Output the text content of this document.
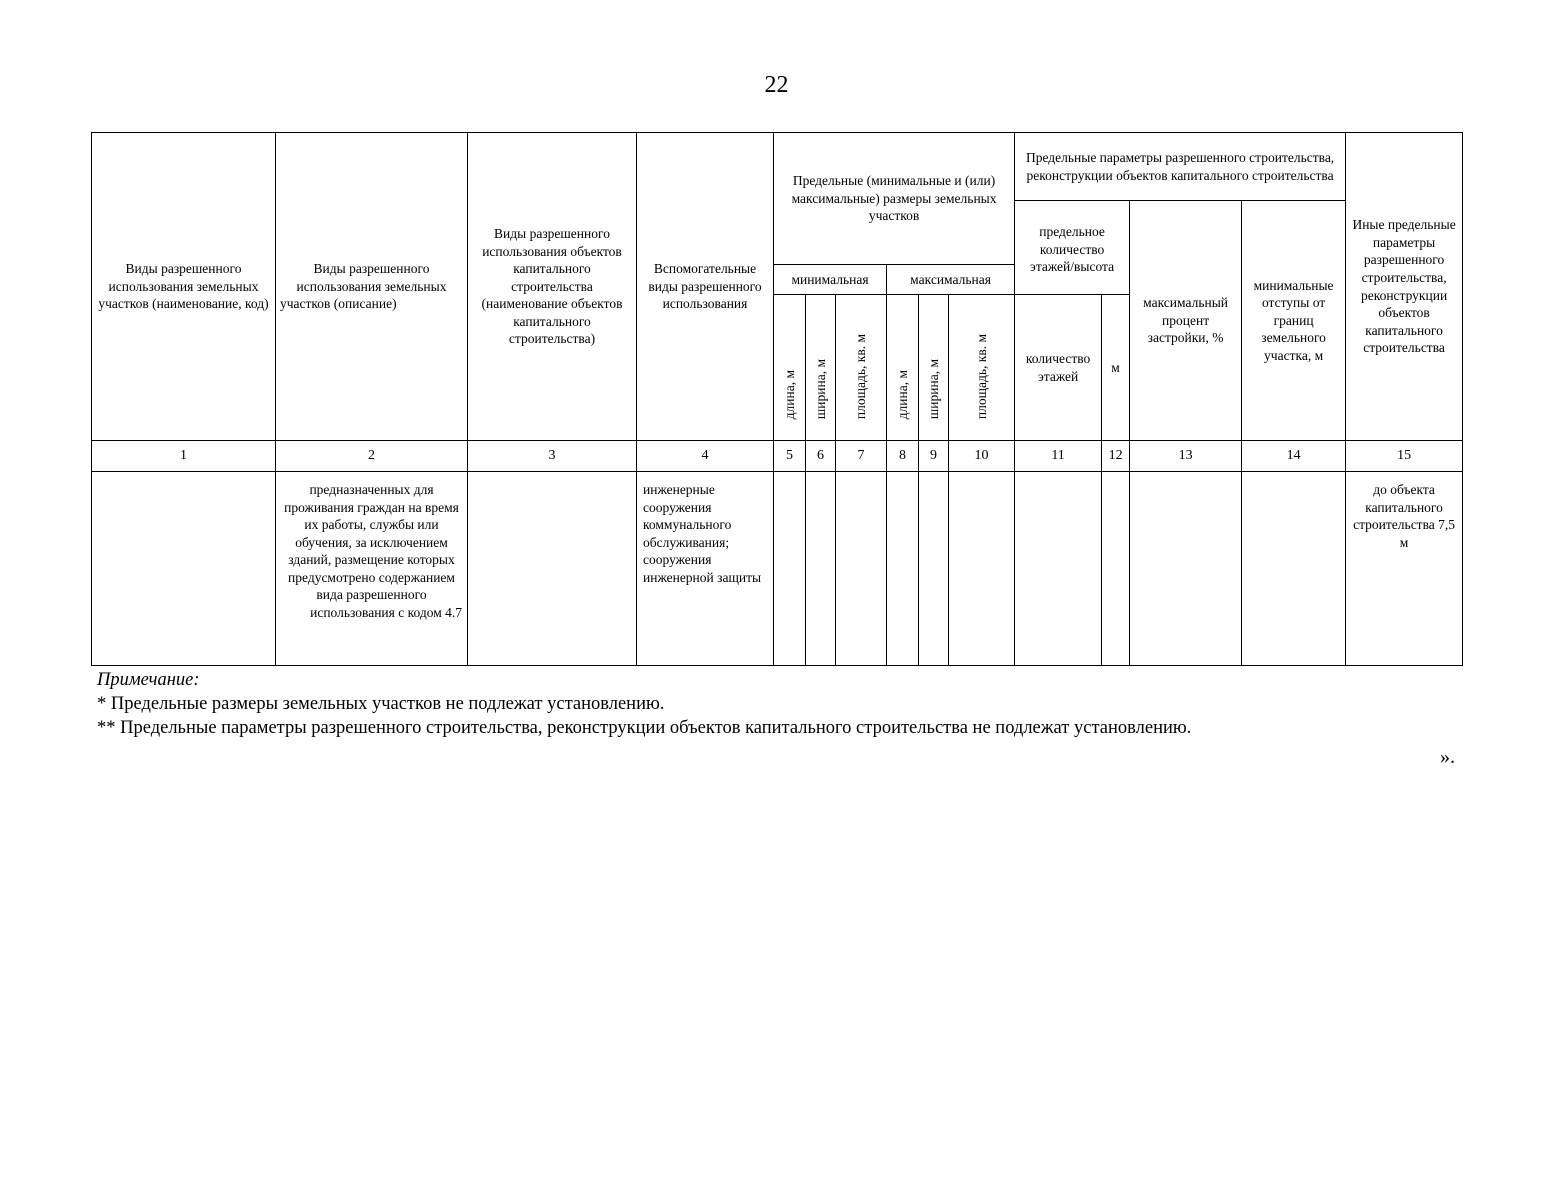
22
Виды разрешенного использования земельных участков (наименование, код)	Виды разрешенного использования земельных участков (описание)	Виды разрешенного использования объектов капитального строительства (наименование объектов капитального строительства)	Вспомогательные виды разрешенного использования	Предельные (минимальные и (или) максимальные) размеры земельных участков						Предельные параметры разрешенного строительства, реконструкции объектов капитального строительства				Иные предельные параметры разрешенного строительства, реконструкции объектов капитального строительства
										предельное количество этажей/высота		максимальный процент застройки, %	минимальные отступы от границ земельного участка, м	
				минимальная			максимальная							
				длина, м	ширина, м	площадь, кв. м	длина, м	ширина, м	площадь, кв. м	количество этажей	м			
1	2	3	4	5	6	7	8	9	10	11	12	13	14	15
	предназначенных для проживания граждан на время их работы, службы или обучения, за исключением зданий, размещение которых предусмотрено содержанием вида разрешенного использования с кодом 4.7		инженерные сооружения коммунального обслуживания; сооружения инженерной защиты											до объекта капитального строительства 7,5 м
Примечание:
* Предельные размеры земельных участков не подлежат установлению.
** Предельные параметры разрешенного строительства, реконструкции объектов капитального строительства не подлежат установлению.
».
